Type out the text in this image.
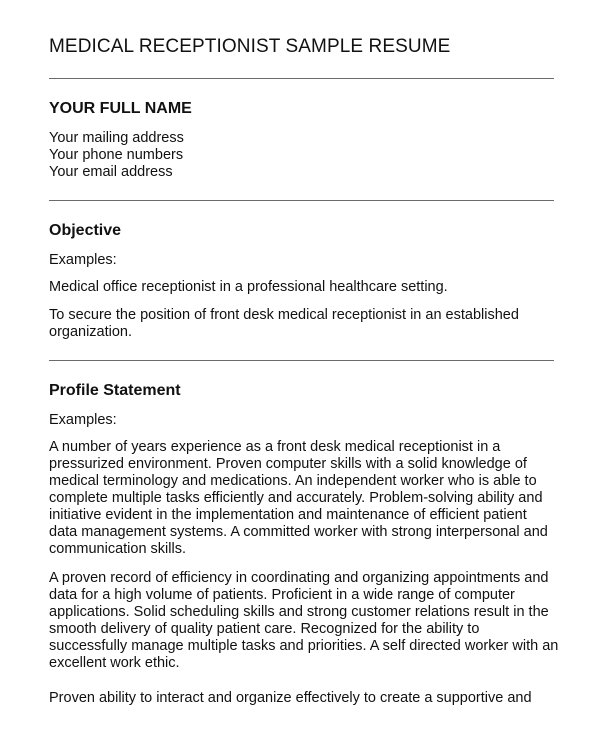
MEDICAL RECEPTIONIST SAMPLE RESUME
YOUR FULL NAME
Your mailing address
Your phone numbers
Your email address
Objective
Examples:
Medical office receptionist in a professional healthcare setting.
To secure the position of front desk medical receptionist in an established
organization.
Profile Statement
Examples:
A number of years experience as a front desk medical receptionist in a
pressurized environment. Proven computer skills with a solid knowledge of
medical terminology and medications. An independent worker who is able to
complete multiple tasks efficiently and accurately. Problem-solving ability and
initiative evident in the implementation and maintenance of efficient patient
data management systems. A committed worker with strong interpersonal and
communication skills.
A proven record of efficiency in coordinating and organizing appointments and
data for a high volume of patients. Proficient in a wide range of computer
applications. Solid scheduling skills and strong customer relations result in the
smooth delivery of quality patient care. Recognized for the ability to
successfully manage multiple tasks and priorities. A self directed worker with an
excellent work ethic.
Proven ability to interact and organize effectively to create a supportive and
